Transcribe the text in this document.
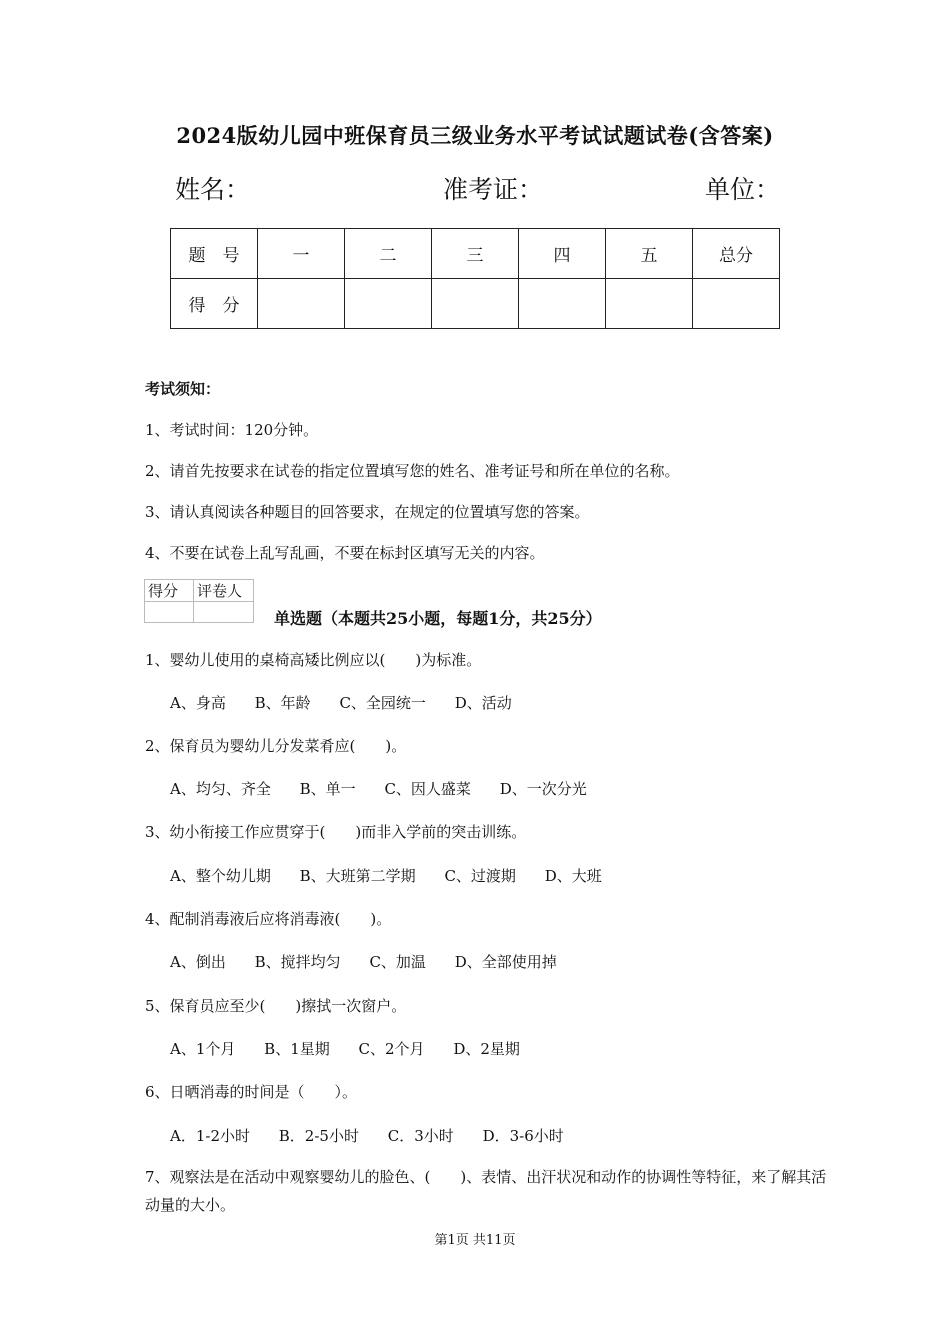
2024版幼儿园中班保育员三级业务水平考试试题试卷(含答案)
姓名：	准考证：	单位：
题　号	一	二	三	四	五	总分
得　分						
考试须知：
1、考试时间：120分钟。
2、请首先按要求在试卷的指定位置填写您的姓名、准考证号和所在单位的名称。
3、请认真阅读各种题目的回答要求，在规定的位置填写您的答案。
4、不要在试卷上乱写乱画，不要在标封区填写无关的内容。
得分	评卷人

单选题（本题共25小题，每题1分，共25分）
1、婴幼儿使用的桌椅高矮比例应以(　　)为标准。
A、身高 B、年龄 C、全园统一 D、活动
2、保育员为婴幼儿分发菜肴应(　　)。
A、均匀、齐全 B、单一 C、因人盛菜 D、一次分光
3、幼小衔接工作应贯穿于(　　)而非入学前的突击训练。
A、整个幼儿期 B、大班第二学期 C、过渡期 D、大班
4、配制消毒液后应将消毒液(　　)。
A、倒出 B、搅拌均匀 C、加温 D、全部使用掉
5、保育员应至少(　　)擦拭一次窗户。
A、1个月 B、1星期 C、2个月 D、2星期
6、日晒消毒的时间是（　　）。
A．1-2小时 B．2-5小时 C．3小时 D．3-6小时
7、观察法是在活动中观察婴幼儿的脸色、(　　)、表情、出汗状况和动作的协调性等特征，来了解其活动量的大小。
第1页 共11页
